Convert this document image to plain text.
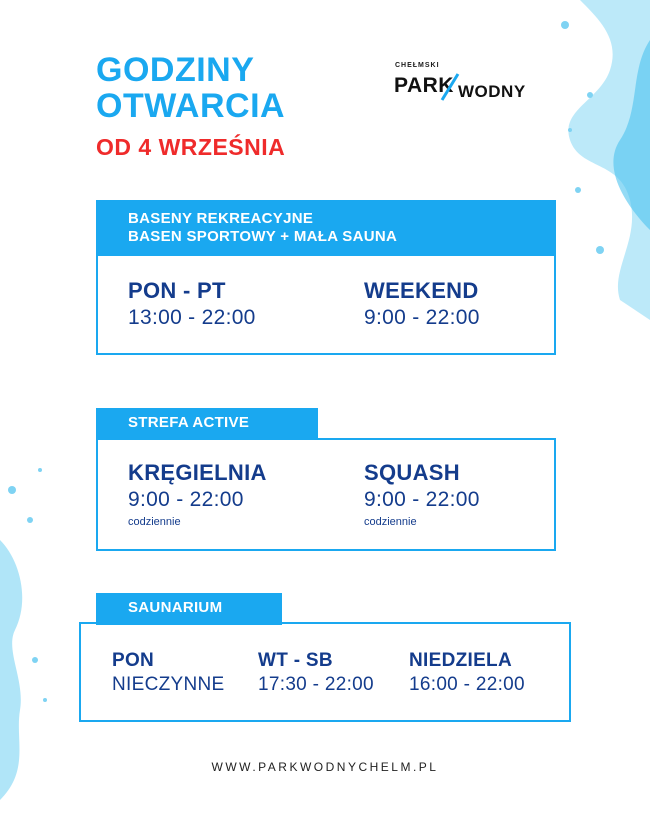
GODZINY
OTWARCIA
OD 4 WRZEŚNIA
CHEŁMSKI
PARK WODNY
PON - PT
13:00 - 22:00
WEEKEND
9:00 - 22:00
BASENY REKREACYJNE
BASEN SPORTOWY + MAŁA SAUNA
KRĘGIELNIA
9:00 - 22:00
codziennie
SQUASH
9:00 - 22:00
codziennie
STREFA ACTIVE
PON
NIECZYNNE
WT - SB
17:30 - 22:00
NIEDZIELA
16:00 - 22:00
SAUNARIUM
WWW.PARKWODNYCHELM.PL
